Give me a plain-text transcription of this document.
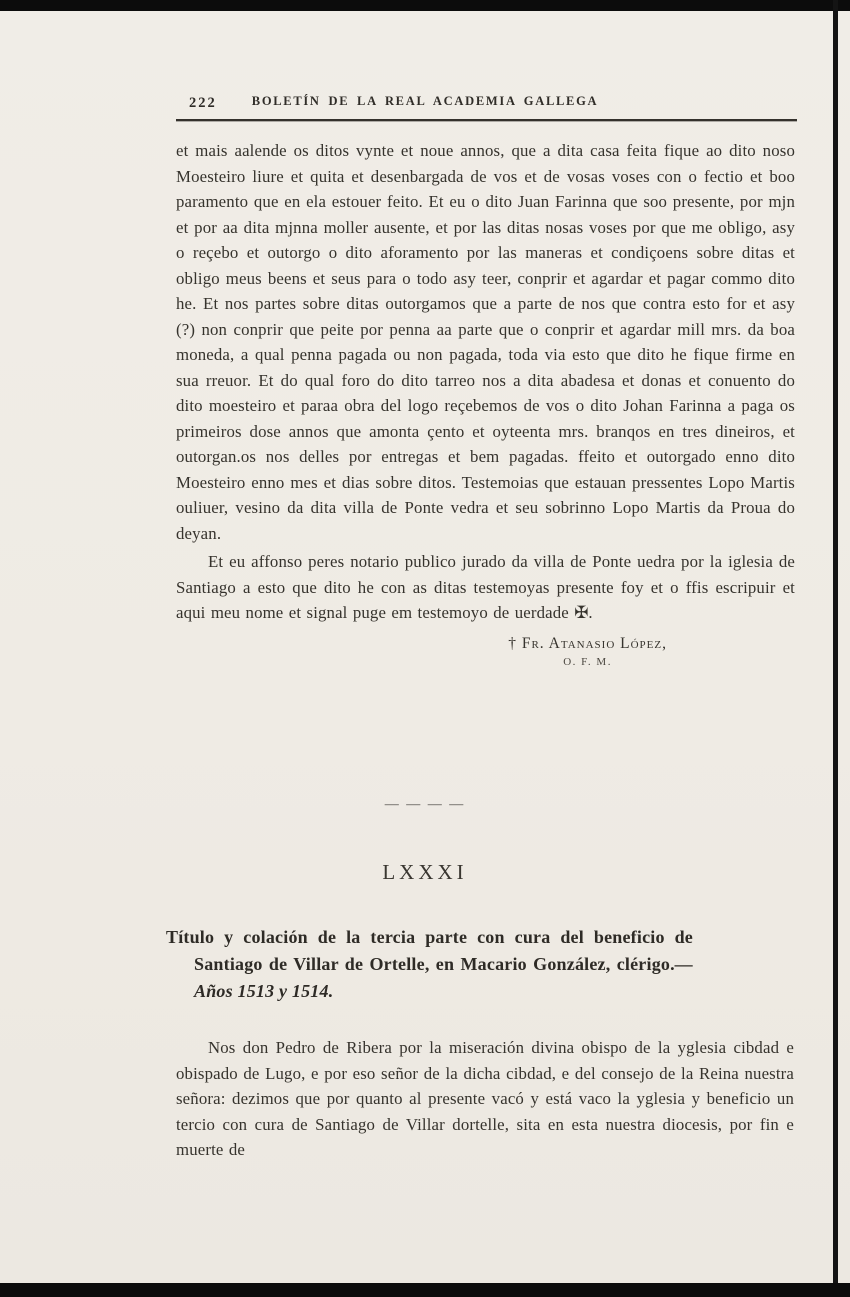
222	BOLETÍN DE LA REAL ACADEMIA GALLEGA

et mais aalende os ditos vynte et noue annos, que a dita casa feita fique ao dito noso Moesteiro liure et quita et desenbargada de vos et de vosas voses con o fectio et boo paramento que en ela estouer feito. Et eu o dito Juan Farinna que soo presente, por mjn et por aa dita mjnna moller ausente, et por las ditas nosas voses por que me obligo, asy o reçebo et outorgo o dito aforamento por las maneras et condiçoens sobre ditas et obligo meus beens et seus para o todo asy teer, conprir et agardar et pagar commo dito he. Et nos partes sobre ditas outorgamos que a parte de nos que contra esto for et asy (?) non conprir que peite por penna aa parte que o conprir et agardar mill mrs. da boa moneda, a qual penna pagada ou non pagada, toda via esto que dito he fique firme en sua rreuor. Et do qual foro do dito tarreo nos a dita abadesa et donas et conuento do dito moesteiro et paraa obra del logo reçebemos de vos o dito Johan Farinna a paga os primeiros dose annos que amonta çento et oyteenta mrs. branqos en tres dineiros, et outorgan.os nos delles por entregas et bem pagadas. ffeito et outorgado enno dito Moesteiro enno mes et dias sobre ditos. Testemoias que estauan pressentes Lopo Martis ouliuer, vesino da dita villa de Ponte vedra et seu sobrinno Lopo Martis da Proua do deyan.

Et eu affonso peres notario publico jurado da villa de Ponte uedra por la iglesia de Santiago a esto que dito he con as ditas testemoyas presente foy et o ffis escripuir et aqui meu nome et signal puge em testemoyo de uerdade ✠.

† Fr. Atanasio López,
O. F. M.
— — — —
LXXXI
Título y colación de la tercia parte con cura del beneficio de Santiago de Villar de Ortelle, en Macario González, clérigo.—Años 1513 y 1514.

Nos don Pedro de Ribera por la miseración divina obispo de la yglesia cibdad e obispado de Lugo, e por eso señor de la dicha cibdad, e del consejo de la Reina nuestra señora: dezimos que por quanto al presente vacó y está vaco la yglesia y beneficio un tercio con cura de Santiago de Villar dortelle, sita en esta nuestra diocesis, por fin e muerte de
